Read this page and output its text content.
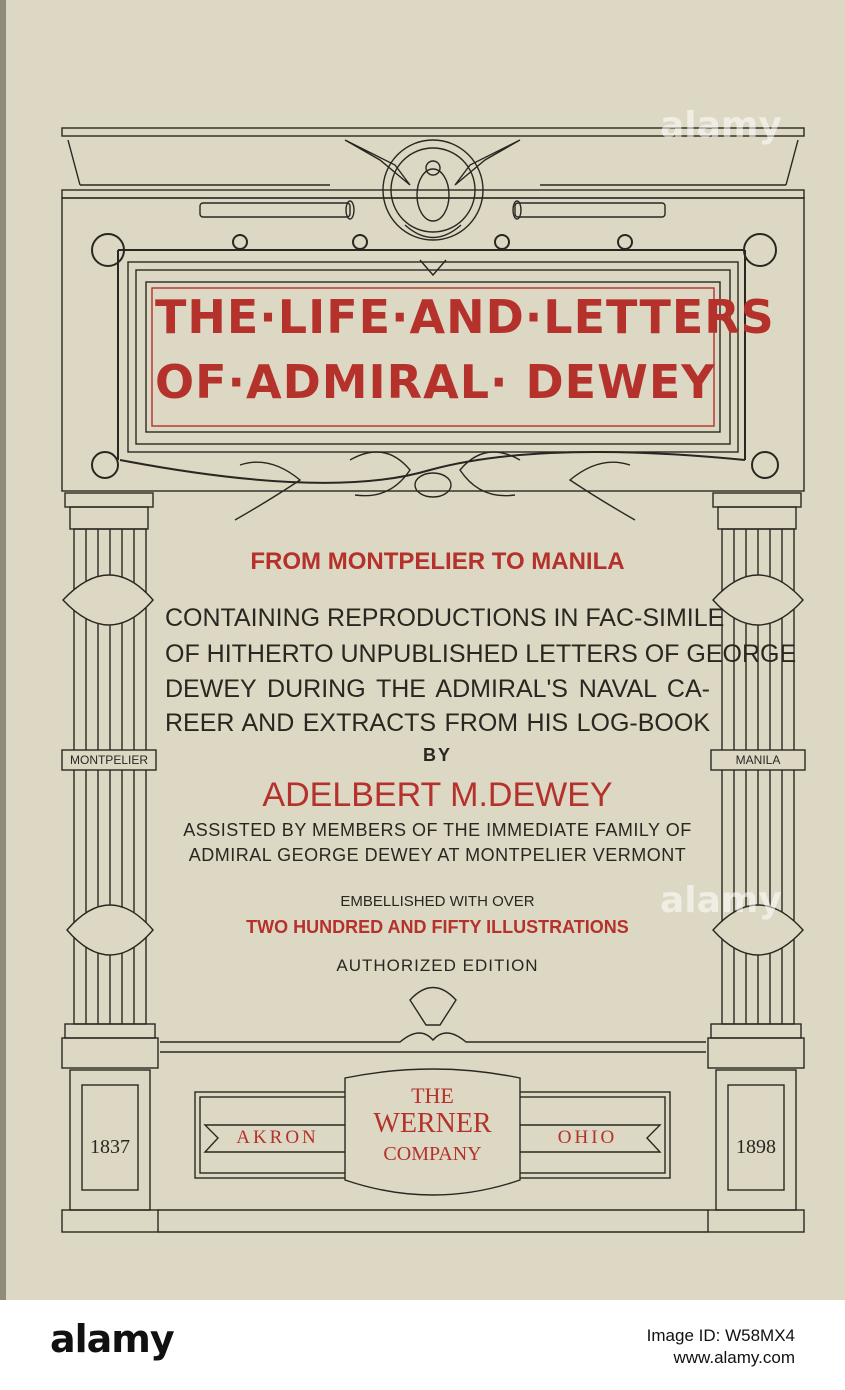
THE·LIFE·AND·LETTERS
OF·ADMIRAL· DEWEY
FROM MONTPELIER TO MANILA
CONTAINING REPRODUCTIONS IN FAC-SIMILE
OF HITHERTO UNPUBLISHED LETTERS OF GEORGE
DEWEY DURING THE ADMIRAL'S NAVAL CA-
REER AND EXTRACTS FROM HIS LOG-BOOK
BY
ADELBERT M.DEWEY
ASSISTED BY MEMBERS OF THE IMMEDIATE FAMILY OF
ADMIRAL GEORGE DEWEY AT MONTPELIER VERMONT
EMBELLISHED WITH OVER
TWO HUNDRED AND FIFTY ILLUSTRATIONS
AUTHORIZED EDITION
MONTPELIER	MANILA
1837	1898
AKRON	OHIO
THE
WERNER
COMPANY
alamy
alamy
alamy	Image ID: W58MX4
www.alamy.com
